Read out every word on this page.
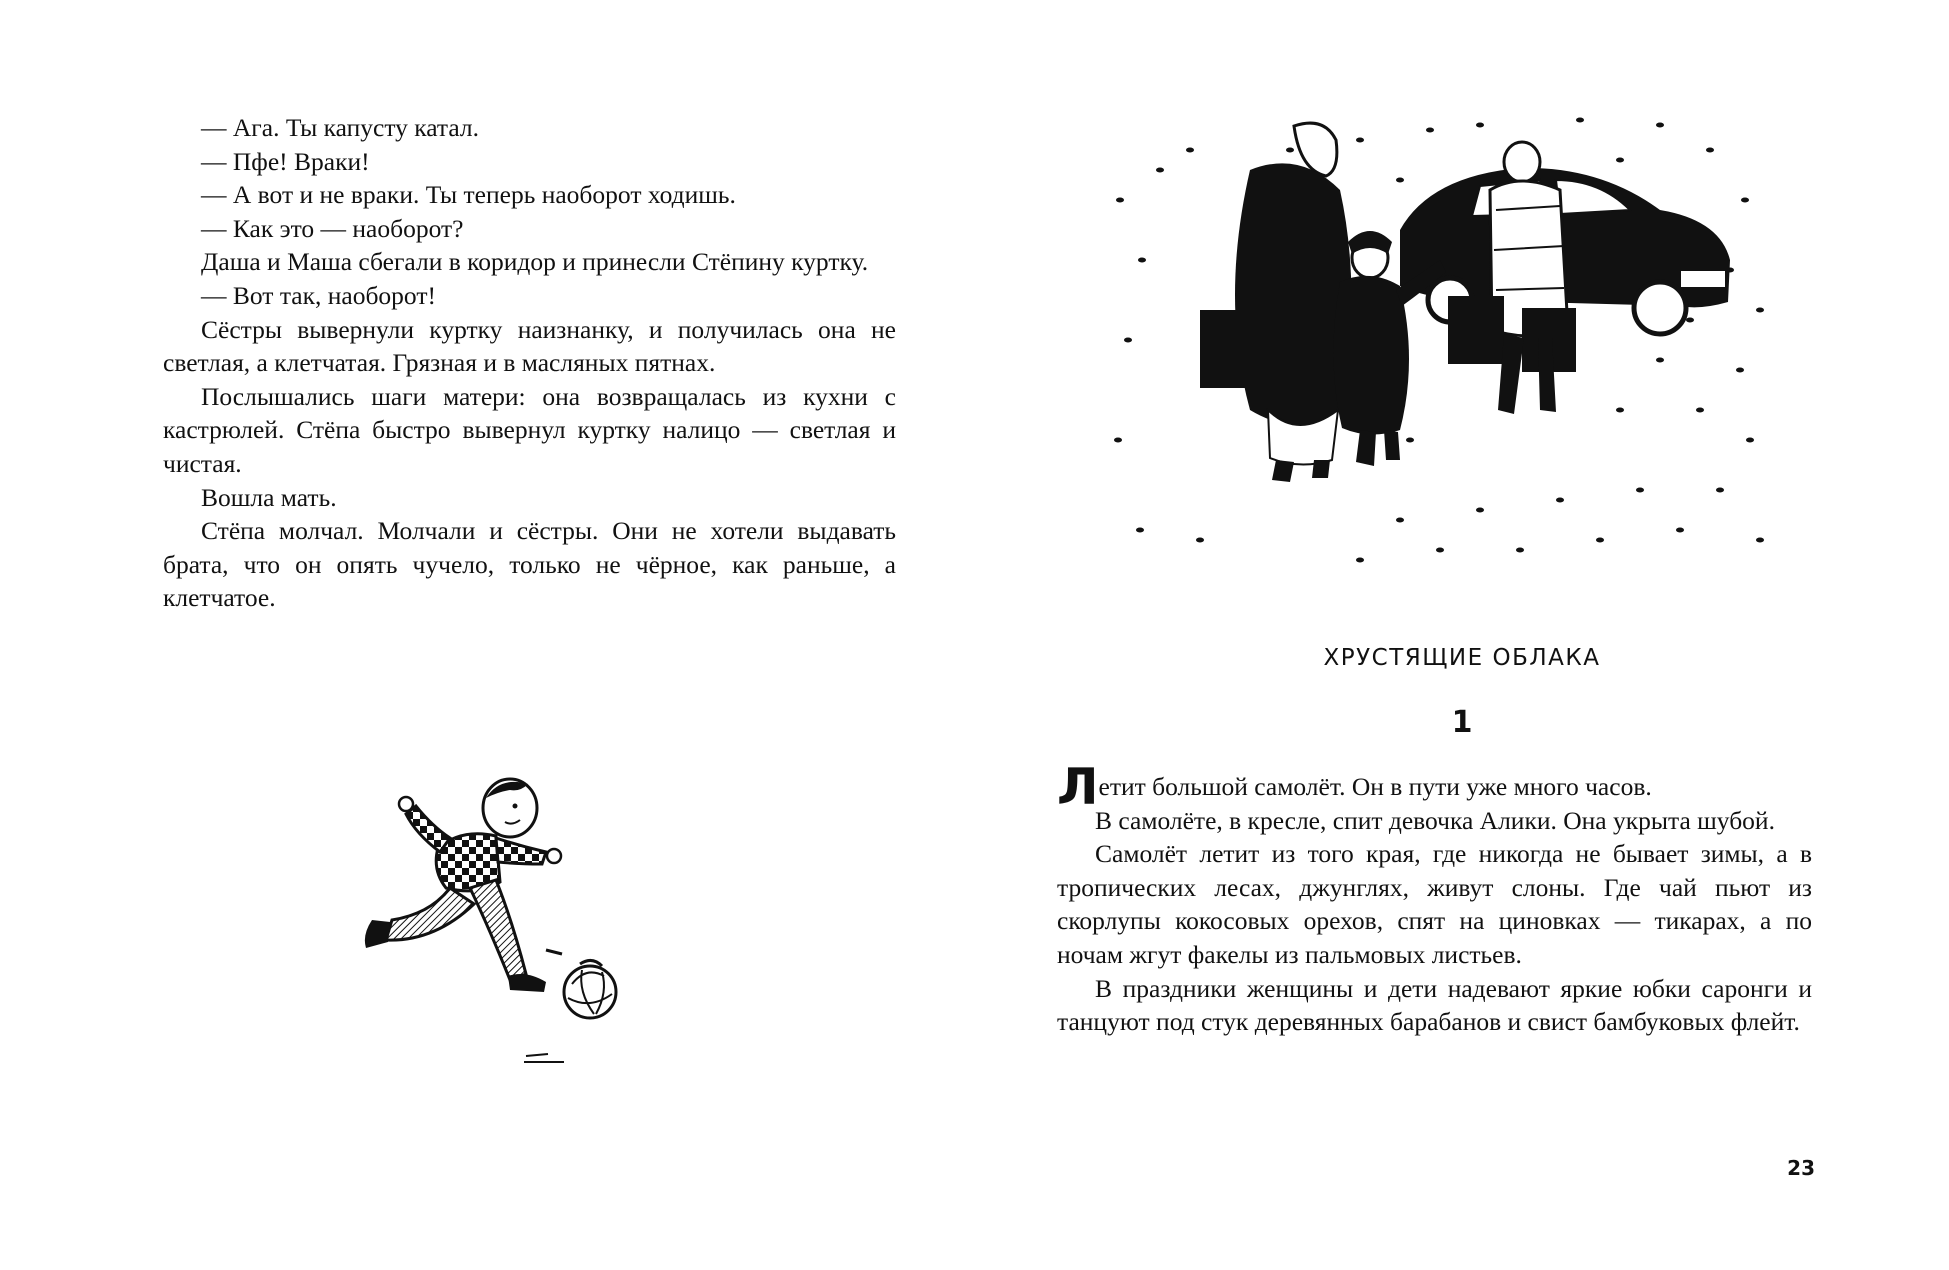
— Ага. Ты капусту катал.

— Пфе! Враки!

— А вот и не враки. Ты теперь наоборот ходишь.

— Как это — наоборот?

Даша и Маша сбегали в коридор и принесли Стёпину куртку.

— Вот так, наоборот!

Сёстры вывернули куртку наизнанку, и получилась она не светлая, а клетчатая. Грязная и в масляных пятнах.

Послышались шаги матери: она возвращалась из кухни с кастрюлей. Стёпа быстро вывернул куртку налицо — светлая и чистая.

Вошла мать.

Стёпа молчал. Молчали и сёстры. Они не хотели выдавать брата, что он опять чучело, только не чёрное, как раньше, а клетчатое.

ХРУСТЯЩИЕ ОБЛАКА
1

Летит большой самолёт. Он в пути уже много часов.

В самолёте, в кресле, спит девочка Алики. Она укрыта шубой.

Самолёт летит из того края, где никогда не бывает зимы, а в тропических лесах, джунглях, живут слоны. Где чай пьют из скорлупы кокосовых орехов, спят на циновках — тикарах, а по ночам жгут факелы из пальмовых листьев.

В праздники женщины и дети надевают яркие юбки саронги и танцуют под стук деревянных барабанов и свист бамбуковых флейт.

23
